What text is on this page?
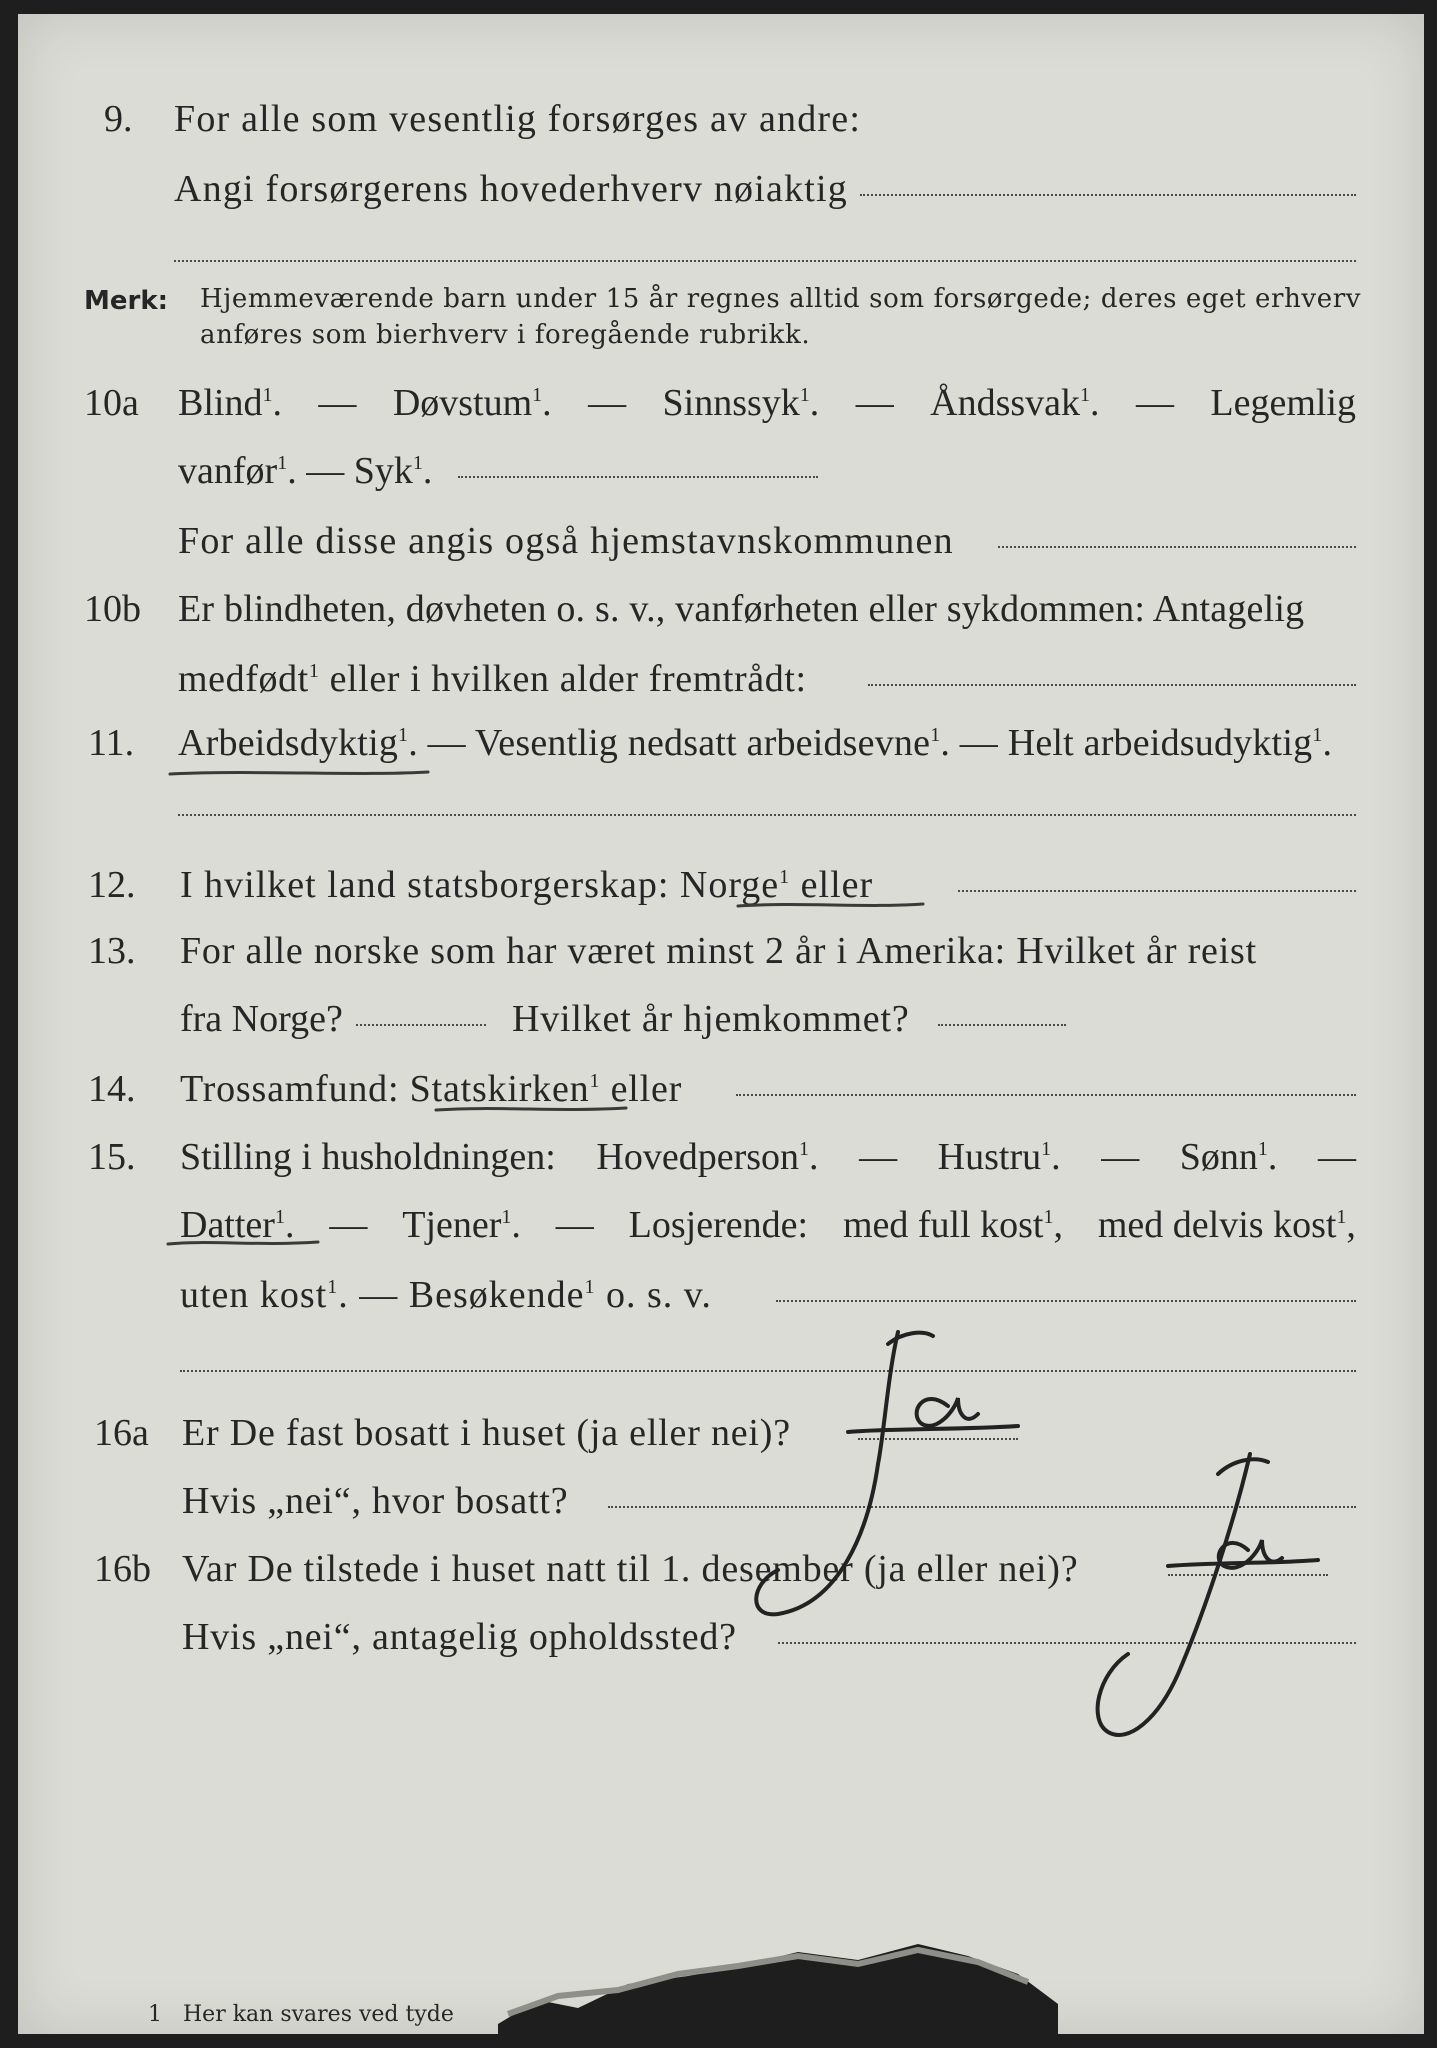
9. For alle som vesentlig forsørges av andre:
Angi forsørgerens hovederhverv nøiaktig
Merk: Hjemmeværende barn under 15 år regnes alltid som forsørgede; deres eget erhverv
anføres som bierhverv i foregående rubrikk.
10a Blind$^1$. — Døvstum$^1$. — Sinnssyk$^1$. — Åndssvak$^1$. — Legemlig
vanfør$^1$. — Syk$^1$.
For alle disse angis også hjemstavnskommunen
10b Er blindheten, døvheten o. s. v., vanførheten eller sykdommen: Antagelig
medfødt$^1$ eller i hvilken alder fremtrådt:
11. Arbeidsdyktig$^1$. — Vesentlig nedsatt arbeidsevne$^1$. — Helt arbeidsudyktig$^1$.
12. I hvilket land statsborgerskap: Norge$^1$ eller
13. For alle norske som har været minst 2 år i Amerika: Hvilket år reist
fra Norge?	Hvilket år hjemkommet?
14. Trossamfund: Statskirken$^1$ eller
15. Stilling i husholdningen: Hovedperson$^1$. — Hustru$^1$. — Sønn$^1$. —
Datter$^1$. — Tjener$^1$. — Losjerende: med full kost$^1$, med delvis kost$^1$,
uten kost$^1$. — Besøkende$^1$ o. s. v.
16a Er De fast bosatt i huset (ja eller nei)?
Hvis „nei“, hvor bosatt?
16b Var De tilstede i huset natt til 1. desember (ja eller nei)?
Hvis „nei“, antagelig opholdssted?
1 Her kan svares ved tyde
